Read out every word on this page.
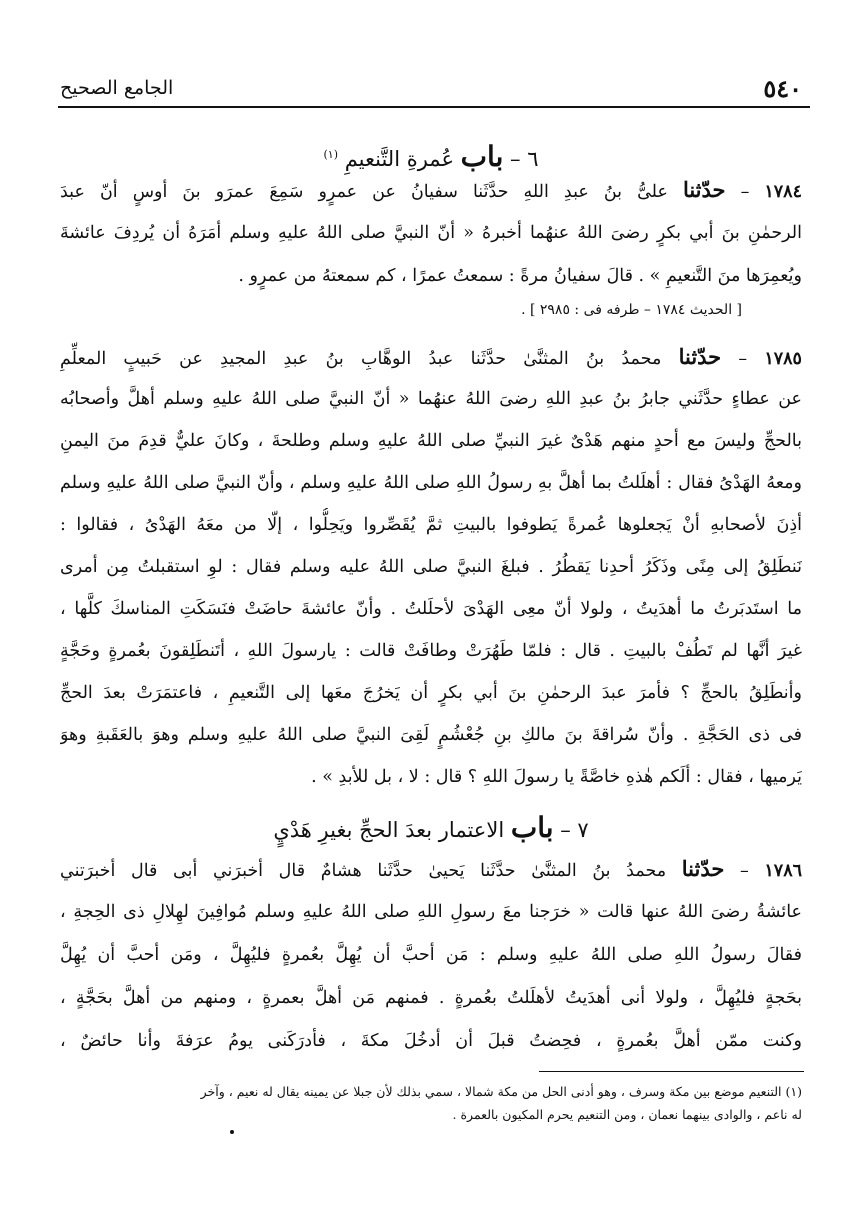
٥٤٠
الجامع الصحيح
٦ – باب عُمرةِ التَّنعيمِ $^{(١)}$
١٧٨٤ – حدّثنا علىُّ بنُ عبدِ اللهِ حدَّثَنا سفيانُ عن عمرٍو سَمِعَ عمرَو بنَ أوسٍ أنّ عبدَ
الرحمٰنِ بنَ أبي بكرٍ رضىَ اللهُ عنهُما أخبرهُ « أنّ النبيَّ صلى اللهُ عليهِ وسلم أمَرَهُ أن يُردِفَ عائشةَ
ويُعمِرَها منَ التَّنعيمِ » . قالَ سفيانُ مرةً : سمعتُ عمرًا ، كم سمعتهُ من عمرٍو .
[ الحديث ١٧٨٤ – طرفه فى : ٢٩٨٥ ] .
١٧٨٥ – حدّثنا محمدُ بنُ المثنَّىٰ حدَّثَنا عبدُ الوهَّابِ بنُ عبدِ المجيدِ عن حَبيبٍ المعلِّمِ
عن عطاءٍ حدَّثَني جابرُ بنُ عبدِ اللهِ رضىَ اللهُ عنهُما « أنّ النبيَّ صلى اللهُ عليهِ وسلم أهلَّ وأصحابُه
بالحجِّ وليسَ مع أحدٍ منهم هَدْىٌ غيرَ النبيِّ صلى اللهُ عليهِ وسلم وطلحةَ ، وكانَ عليٌّ قدِمَ منَ اليمنِ
ومعهُ الهَدْىُ فقال : أهلَلتُ بما أهلَّ بهِ رسولُ اللهِ صلى اللهُ عليهِ وسلم ، وأنّ النبيَّ صلى اللهُ عليهِ وسلم
أذِنَ لأصحابهِ أنْ يَجعلوها عُمرةً يَطوفوا بالبيتِ ثمَّ يُقَصِّروا ويَحِلُّوا ، إلّا من معَهُ الهَدْىُ ، فقالوا :
نَنطَلِقُ إلى مِنًى وذَكَرُ أحدِنا يَقطُرُ . فبلغَ النبيَّ صلى اللهُ عليه وسلم فقال : لوِ استقبلتُ مِن أمرى
ما استَدبَرتُ ما أهدَيتُ ، ولولا أنّ معِى الهَدْىَ لأحلَلتُ . وأنّ عائشةَ حاضَتْ فنَسَكَتِ المناسكَ كلَّها ،
غيرَ أنَّها لم تَطُفْ بالبيتِ . قال : فلمّا طَهُرَتْ وطافَتْ قالت : يارسولَ اللهِ ، أتَنطَلِقونَ بعُمرةٍ وحَجَّةٍ
وأنطَلِقُ بالحجِّ ؟ فأمرَ عبدَ الرحمٰنِ بنَ أبي بكرٍ أن يَخرُجَ معَها إلى التَّنعيمِ ، فاعتمَرَتْ بعدَ الحجِّ
فى ذى الحَجَّةِ . وأنّ سُراقةَ بنَ مالكِ بنِ جُعْشُمٍ لَقِىَ النبيَّ صلى اللهُ عليهِ وسلم وهوَ بالعَقَبةِ وهوَ
يَرميها ، فقال : ألَكم هٰذهِ خاصَّةً يا رسولَ اللهِ ؟ قال : لا ، بل للأبدِ » .
٧ – باب الاعتمار بعدَ الحجِّ بغيرِ هَدْيٍ
١٧٨٦ – حدّثنا محمدُ بنُ المثنَّىٰ حدَّثَنا يَحيىٰ حدَّثَنا هشامٌ قال أخبرَني أبى قال أخبرَتني
عائشةُ رضىَ اللهُ عنها قالت « خرَجنا معَ رسولِ اللهِ صلى اللهُ عليهِ وسلم مُوافِينَ لهِلالِ ذى الحِجةِ ،
فقالَ رسولُ اللهِ صلى اللهُ عليهِ وسلم : مَن أحبَّ أن يُهِلَّ بعُمرةٍ فليُهِلَّ ، ومَن أحبَّ أن يُهِلَّ
بحَجةٍ فليُهِلَّ ، ولولا أنى أهدَيتُ لأهلَلتُ بعُمرةٍ . فمنهم مَن أهلَّ بعمرةٍ ، ومنهم من أهلَّ بحَجَّةٍ ،
وكنت ممّن أهلَّ بعُمرةٍ ، فحِضتُ قبلَ أن أدخُلَ مكةَ ، فأدرَكَنى يومُ عرَفةَ وأنا حائضٌ ،
(١) التنعيم موضع بين مكة وسرف ، وهو أدنى الحل من مكة شمالا ، سمي بذلك لأن جبلا عن يمينه يقال له نعيم ، وآخر
له ناعم ، والوادى بينهما نعمان ، ومن التنعيم يحرم المكيون بالعمرة .
